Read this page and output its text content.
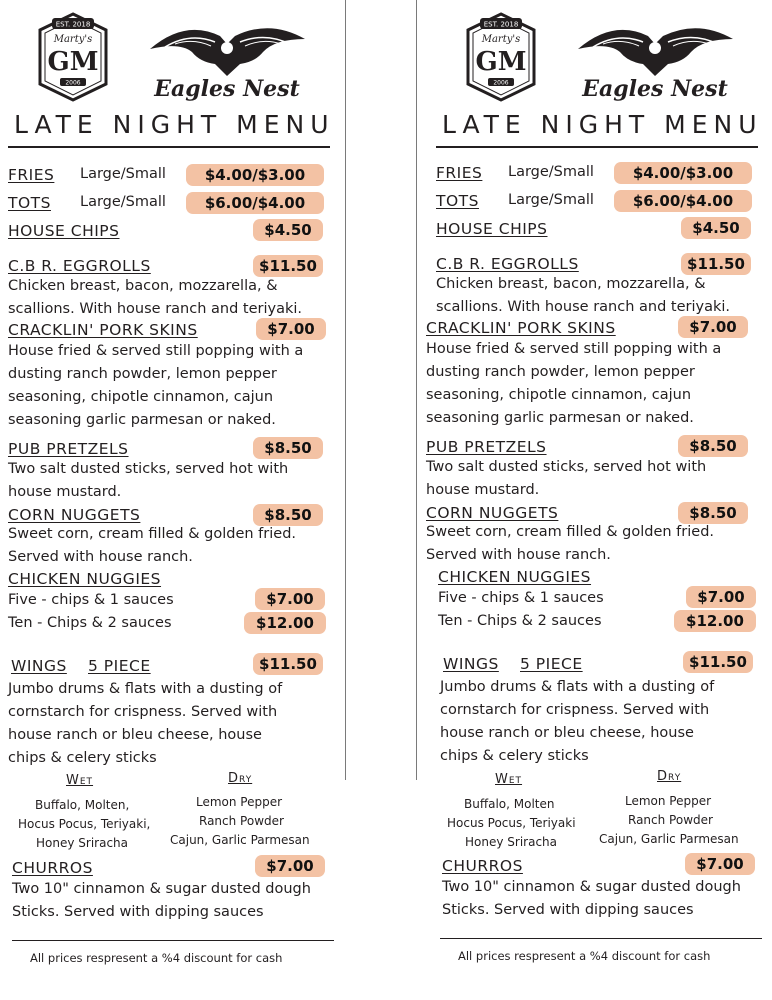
EST. 2018
Marty's
GM
2006	Eagles Nest
LATE NIGHT MENU
FRIES Large/Small	$4.00/$3.00
TOTS Large/Small	$6.00/$4.00
HOUSE CHIPS	$4.50
C.B R. EGGROLLS	$11.50
Chicken breast, bacon, mozzarella, &
scallions. With house ranch and teriyaki.
CRACKLIN' PORK SKINS	$7.00
House fried & served still popping with a
dusting ranch powder, lemon pepper
seasoning, chipotle cinnamon, cajun
seasoning garlic parmesan or naked.
PUB PRETZELS	$8.50
Two salt dusted sticks, served hot with
house mustard.
CORN NUGGETS	$8.50
Sweet corn, cream filled & golden fried.
Served with house ranch.
CHICKEN NUGGIES
Five - chips & 1 sauces	$7.00
Ten - Chips & 2 sauces	$12.00
WINGS 5 PIECE	$11.50
Jumbo drums & flats with a dusting of
cornstarch for crispness. Served with
house ranch or bleu cheese, house
chips & celery sticks
Wet	Dry
Buffalo, Molten,
Hocus Pocus, Teriyaki,
Honey Sriracha
Lemon Pepper
Ranch Powder
Cajun, Garlic Parmesan
CHURROS	$7.00
Two 10" cinnamon & sugar dusted dough
Sticks. Served with dipping sauces
All prices respresent a %4 discount for cash
EST. 2018
Marty's
GM
2006	Eagles Nest
LATE NIGHT MENU
FRIES Large/Small	$4.00/$3.00
TOTS Large/Small	$6.00/$4.00
HOUSE CHIPS	$4.50
C.B R. EGGROLLS	$11.50
Chicken breast, bacon, mozzarella, &
scallions. With house ranch and teriyaki.
CRACKLIN' PORK SKINS	$7.00
House fried & served still popping with a
dusting ranch powder, lemon pepper
seasoning, chipotle cinnamon, cajun
seasoning garlic parmesan or naked.
PUB PRETZELS	$8.50
Two salt dusted sticks, served hot with
house mustard.
CORN NUGGETS	$8.50
Sweet corn, cream filled & golden fried.
Served with house ranch.
CHICKEN NUGGIES
Five - chips & 1 sauces	$7.00
Ten - Chips & 2 sauces	$12.00
WINGS 5 PIECE	$11.50
Jumbo drums & flats with a dusting of
cornstarch for crispness. Served with
house ranch or bleu cheese, house
chips & celery sticks
Wet	Dry
Buffalo, Molten
Hocus Pocus, Teriyaki
Honey Sriracha
Lemon Pepper
Ranch Powder
Cajun, Garlic Parmesan
CHURROS	$7.00
Two 10" cinnamon & sugar dusted dough
Sticks. Served with dipping sauces
All prices respresent a %4 discount for cash
